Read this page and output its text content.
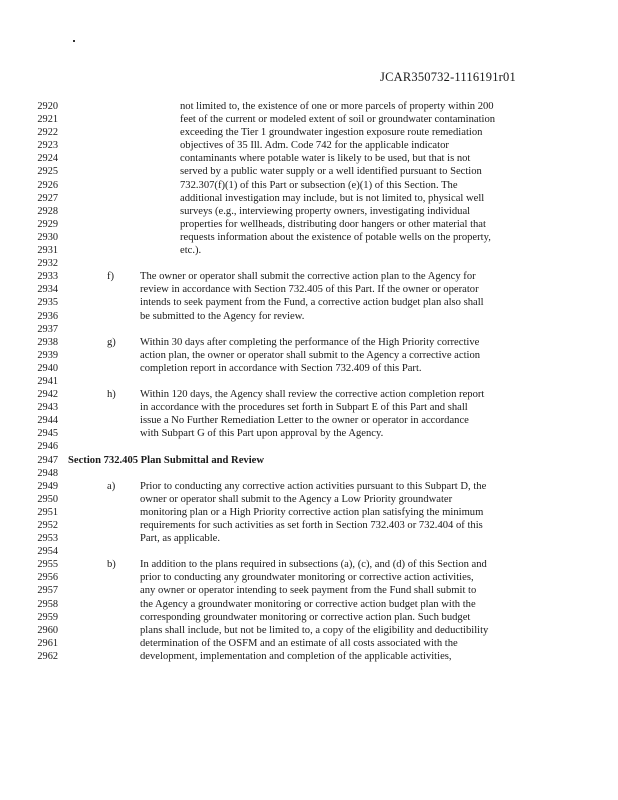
JCAR350732-1116191r01
2920	not limited to, the existence of one or more parcels of property within 200
2921	feet of the current or modeled extent of soil or groundwater contamination
2922	exceeding the Tier 1 groundwater ingestion exposure route remediation
2923	objectives of 35 Ill. Adm. Code 742 for the applicable indicator
2924	contaminants where potable water is likely to be used, but that is not
2925	served by a public water supply or a well identified pursuant to Section
2926	732.307(f)(1) of this Part or subsection (e)(1) of this Section. The
2927	additional investigation may include, but is not limited to, physical well
2928	surveys (e.g., interviewing property owners, investigating individual
2929	properties for wellheads, distributing door hangers or other material that
2930	requests information about the existence of potable wells on the property,
2931	etc.).
2932
2933	f) The owner or operator shall submit the corrective action plan to the Agency for
2934	review in accordance with Section 732.405 of this Part. If the owner or operator
2935	intends to seek payment from the Fund, a corrective action budget plan also shall
2936	be submitted to the Agency for review.
2937
2938	g) Within 30 days after completing the performance of the High Priority corrective
2939	action plan, the owner or operator shall submit to the Agency a corrective action
2940	completion report in accordance with Section 732.409 of this Part.
2941
2942	h) Within 120 days, the Agency shall review the corrective action completion report
2943	in accordance with the procedures set forth in Subpart E of this Part and shall
2944	issue a No Further Remediation Letter to the owner or operator in accordance
2945	with Subpart G of this Part upon approval by the Agency.
2946
2947 Section 732.405 Plan Submittal and Review
2948
2949	a) Prior to conducting any corrective action activities pursuant to this Subpart D, the
2950	owner or operator shall submit to the Agency a Low Priority groundwater
2951	monitoring plan or a High Priority corrective action plan satisfying the minimum
2952	requirements for such activities as set forth in Section 732.403 or 732.404 of this
2953	Part, as applicable.
2954
2955	b) In addition to the plans required in subsections (a), (c), and (d) of this Section and
2956	prior to conducting any groundwater monitoring or corrective action activities,
2957	any owner or operator intending to seek payment from the Fund shall submit to
2958	the Agency a groundwater monitoring or corrective action budget plan with the
2959	corresponding groundwater monitoring or corrective action plan. Such budget
2960	plans shall include, but not be limited to, a copy of the eligibility and deductibility
2961	determination of the OSFM and an estimate of all costs associated with the
2962	development, implementation and completion of the applicable activities,
